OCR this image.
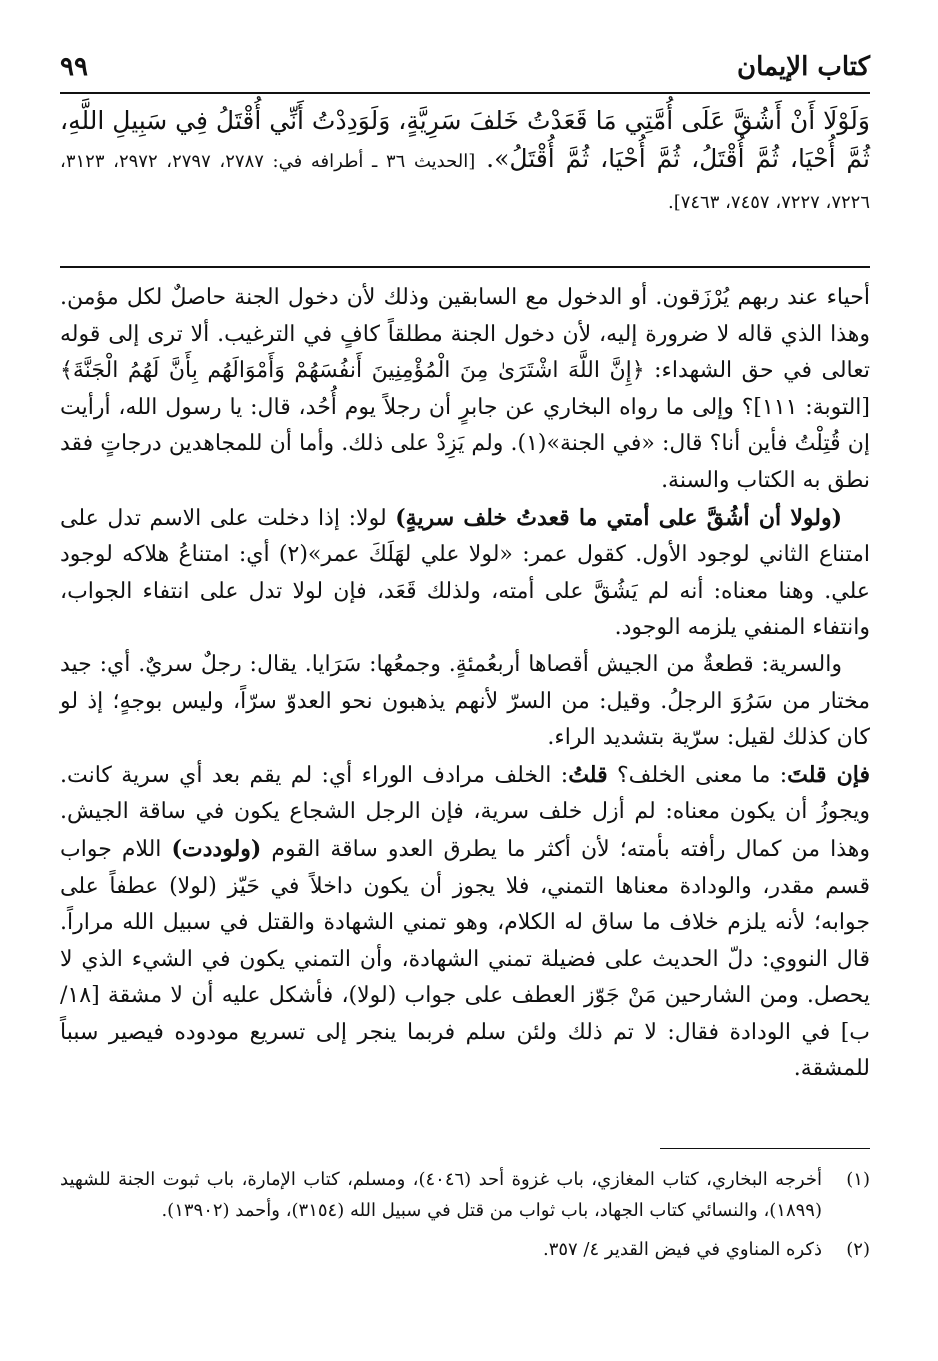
كتاب الإيمان
٩٩
وَلَوْلَا أَنْ أَشُقَّ عَلَى أُمَّتِي مَا قَعَدْتُ خَلفَ سَرِيَّةٍ، وَلَوَدِدْتُ أَنِّي أُقْتَلُ فِي سَبِيلِ اللَّهِ، ثُمَّ أُحْيَا، ثُمَّ أُقْتَلُ، ثُمَّ أُحْيَا، ثُمَّ أُقْتَلُ». [الحديث ٣٦ ـ أطرافه في: ٢٧٨٧، ٢٧٩٧، ٢٩٧٢، ٣١٢٣، ٧٢٢٦، ٧٢٢٧، ٧٤٥٧، ٧٤٦٣].

أحياء عند ربهم يُرْزَقون. أو الدخول مع السابقين وذلك لأن دخول الجنة حاصلٌ لكل مؤمن. وهذا الذي قاله لا ضرورة إليه، لأن دخول الجنة مطلقاً كافٍ في الترغيب. ألا ترى إلى قوله تعالى في حق الشهداء: ﴿إِنَّ اللَّهَ اشْتَرَىٰ مِنَ الْمُؤْمِنِينَ أَنفُسَهُمْ وَأَمْوَالَهُم بِأَنَّ لَهُمُ الْجَنَّةَ﴾ [التوبة: ١١١]؟ وإلى ما رواه البخاري عن جابرٍ أن رجلاً يوم أُحُد، قال: يا رسول الله، أرأيت إن قُتِلْتُ فأين أنا؟ قال: «في الجنة»(١). ولم يَزِدْ على ذلك. وأما أن للمجاهدين درجاتٍ فقد نطق به الكتاب والسنة.

(ولولا أن أشُقَّ على أمتي ما قعدتُ خلف سريةٍ) لولا: إذا دخلت على الاسم تدل على امتناع الثاني لوجود الأول. كقول عمر: «لولا علي لهَلَكَ عمر»(٢) أي: امتناعُ هلاكه لوجود علي. وهنا معناه: أنه لم يَشُقَّ على أمته، ولذلك قَعَد، فإن لولا تدل على انتفاء الجواب، وانتفاء المنفي يلزمه الوجود.

والسرية: قطعةٌ من الجيش أقصاها أربعُمئةٍ. وجمعُها: سَرَايا. يقال: رجلٌ سريٌ. أي: جيد مختار من سَرُوَ الرجلُ. وقيل: من السرّ لأنهم يذهبون نحو العدوّ سرّاً، وليس بوجهٍ؛ إذ لو كان كذلك لقيل: سرّية بتشديد الراء.

فإن قلتَ: ما معنى الخلف؟ قلتُ: الخلف مرادف الوراء أي: لم يقم بعد أي سرية كانت. ويجوزُ أن يكون معناه: لم أزل خلف سرية، فإن الرجل الشجاع يكون في ساقة الجيش. وهذا من كمال رأفته بأمته؛ لأن أكثر ما يطرق العدو ساقة القوم (ولوددت) اللام جواب قسم مقدر، والودادة معناها التمني، فلا يجوز أن يكون داخلاً في حَيّز (لولا) عطفاً على جوابه؛ لأنه يلزم خلاف ما ساق له الكلام، وهو تمني الشهادة والقتل في سبيل الله مراراً. قال النووي: دلّ الحديث على فضيلة تمني الشهادة، وأن التمني يكون في الشيء الذي لا يحصل. ومن الشارحين مَنْ جَوّز العطف على جواب (لولا)، فأشكل عليه أن لا مشقة [١٨/ب] في الودادة فقال: لا تم ذلك ولئن سلم فربما ينجر إلى تسريع مودوده فيصير سبباً للمشقة.

(١)
أخرجه البخاري، كتاب المغازي، باب غزوة أحد (٤٠٤٦)، ومسلم، كتاب الإمارة، باب ثبوت الجنة للشهيد (١٨٩٩)، والنسائي كتاب الجهاد، باب ثواب من قتل في سبيل الله (٣١٥٤)، وأحمد (١٣٩٠٢).
(٢)
ذكره المناوي في فيض القدير ٤/ ٣٥٧.
